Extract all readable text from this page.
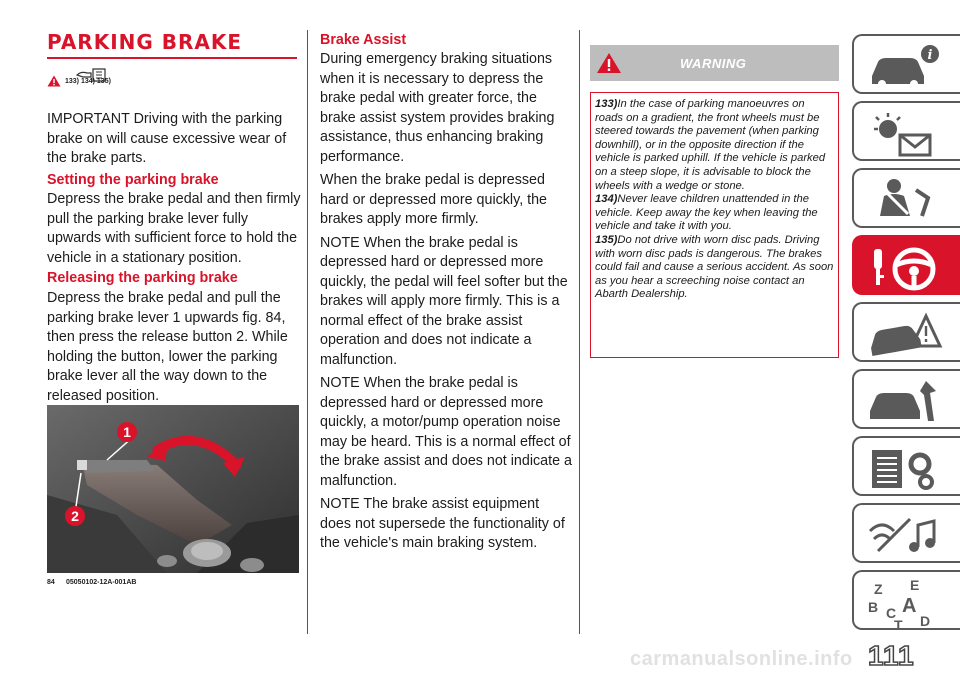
PARKING BRAKE
133) 134) 135)
IMPORTANT Driving with the parking brake on will cause excessive wear of the brake parts.
Setting the parking brake
Depress the brake pedal and then firmly pull the parking brake lever fully upwards with sufficient force to hold the vehicle in a stationary position.
Releasing the parking brake
Depress the brake pedal and pull the parking brake lever 1 upwards fig. 84, then press the release button 2. While holding the button, lower the parking brake lever all the way down to the released position.
1
2
84 05050102-12A-001AB
Brake Assist
During emergency braking situations when it is necessary to depress the brake pedal with greater force, the brake assist system provides braking assistance, thus enhancing braking performance.
When the brake pedal is depressed hard or depressed more quickly, the brakes apply more firmly.
NOTE When the brake pedal is depressed hard or depressed more quickly, the pedal will feel softer but the brakes will apply more firmly. This is a normal effect of the brake assist operation and does not indicate a malfunction.
NOTE When the brake pedal is depressed hard or depressed more quickly, a motor/pump operation noise may be heard. This is a normal effect of the brake assist and does not indicate a malfunction.
NOTE The brake assist equipment does not supersede the functionality of the vehicle's main braking system.
WARNING
133)In the case of parking manoeuvres on roads on a gradient, the front wheels must be steered towards the pavement (when parking downhill), or in the opposite direction if the vehicle is parked uphill. If the vehicle is parked on a steep slope, it is advisable to block the wheels with a wedge or stone.
134)Never leave children unattended in the vehicle. Keep away the key when leaving the vehicle and take it with you.
135)Do not drive with worn disc pads. Driving with worn disc pads is dangerous. The brakes could fail and cause a serious accident. As soon as you hear a screeching noise contact an Abarth Dealership.
i
Z E
B A
C D
T
carmanualsonline.info 111
